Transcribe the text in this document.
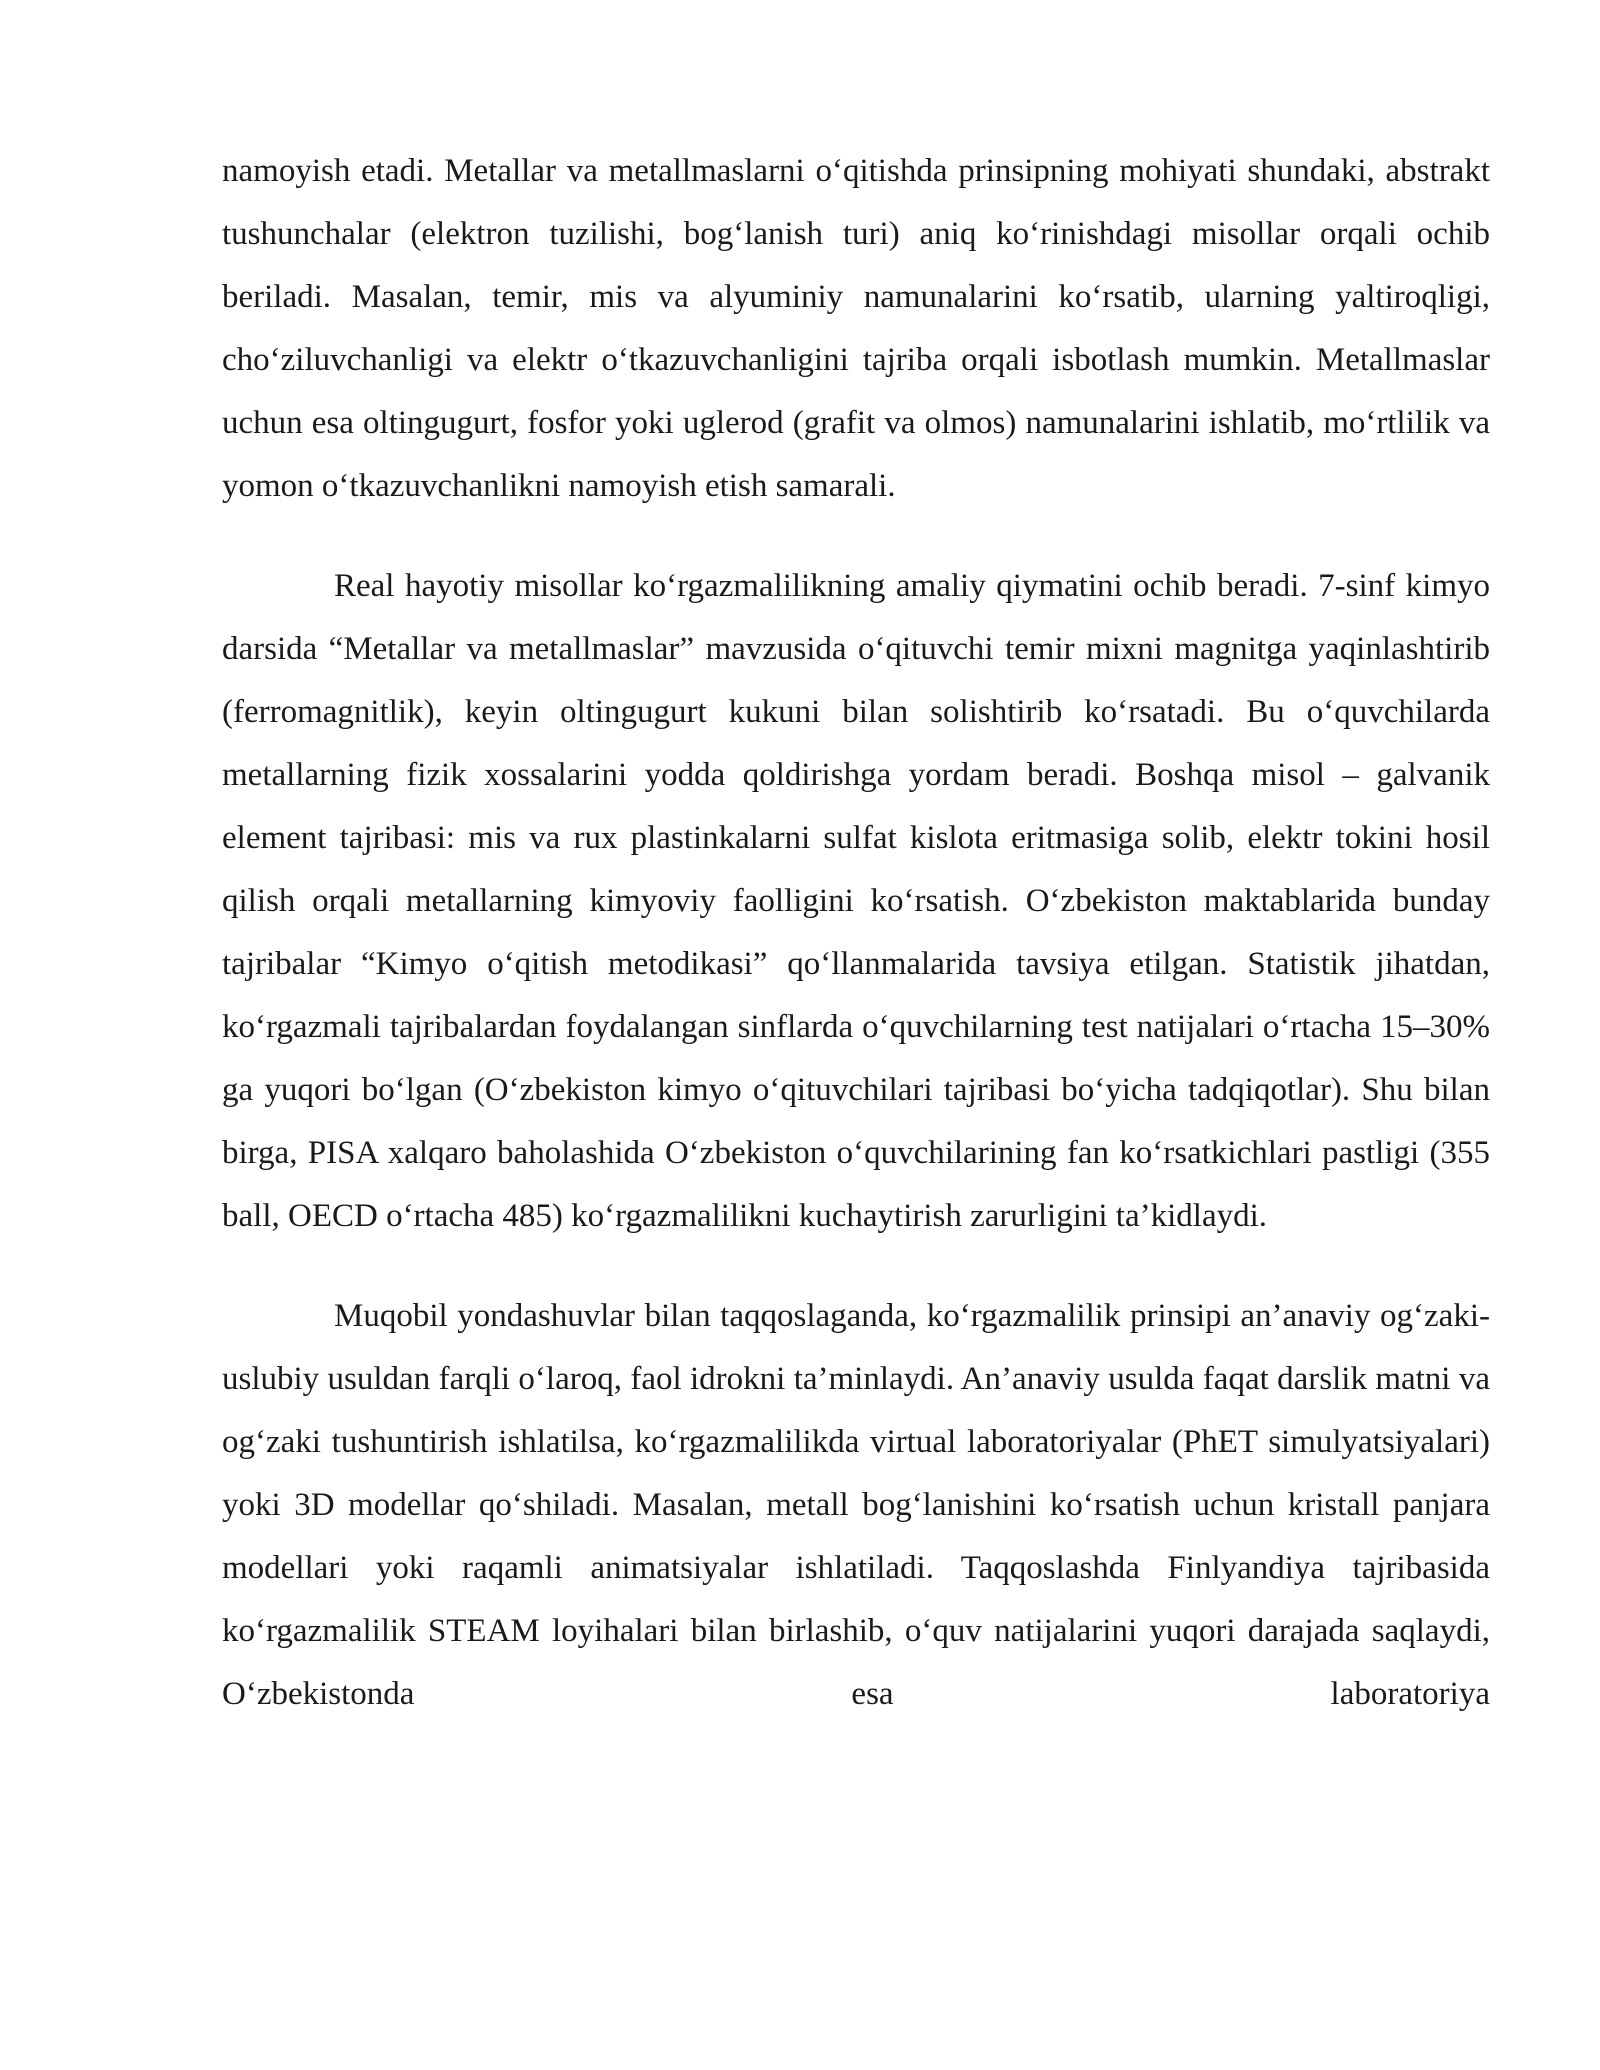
namoyish etadi. Metallar va metallmaslarni o‘qitishda prinsipning mohiyati shundaki, abstrakt tushunchalar (elektron tuzilishi, bog‘lanish turi) aniq ko‘rinishdagi misollar orqali ochib beriladi. Masalan, temir, mis va alyuminiy namunalarini ko‘rsatib, ularning yaltiroqligi, cho‘ziluvchanligi va elektr o‘tkazuvchanligini tajriba orqali isbotlash mumkin. Metallmaslar uchun esa oltingugurt, fosfor yoki uglerod (grafit va olmos) namunalarini ishlatib, mo‘rtlilik va yomon o‘tkazuvchanlikni namoyish etish samarali.

Real hayotiy misollar ko‘rgazmalilikning amaliy qiymatini ochib beradi. 7-sinf kimyo darsida “Metallar va metallmaslar” mavzusida o‘qituvchi temir mixni magnitga yaqinlashtirib (ferromagnitlik), keyin oltingugurt kukuni bilan solishtirib ko‘rsatadi. Bu o‘quvchilarda metallarning fizik xossalarini yodda qoldirishga yordam beradi. Boshqa misol – galvanik element tajribasi: mis va rux plastinkalarni sulfat kislota eritmasiga solib, elektr tokini hosil qilish orqali metallarning kimyoviy faolligini ko‘rsatish. O‘zbekiston maktablarida bunday tajribalar “Kimyo o‘qitish metodikasi” qo‘llanmalarida tavsiya etilgan. Statistik jihatdan, ko‘rgazmali tajribalardan foydalangan sinflarda o‘quvchilarning test natijalari o‘rtacha 15–30% ga yuqori bo‘lgan (O‘zbekiston kimyo o‘qituvchilari tajribasi bo‘yicha tadqiqotlar). Shu bilan birga, PISA xalqaro baholashida O‘zbekiston o‘quvchilarining fan ko‘rsatkichlari pastligi (355 ball, OECD o‘rtacha 485) ko‘rgazmalilikni kuchaytirish zarurligini ta’kidlaydi.

Muqobil yondashuvlar bilan taqqoslaganda, ko‘rgazmalilik prinsipi an’anaviy og‘zaki-uslubiy usuldan farqli o‘laroq, faol idrokni ta’minlaydi. An’anaviy usulda faqat darslik matni va og‘zaki tushuntirish ishlatilsa, ko‘rgazmalilikda virtual laboratoriyalar (PhET simulyatsiyalari) yoki 3D modellar qo‘shiladi. Masalan, metall bog‘lanishini ko‘rsatish uchun kristall panjara modellari yoki raqamli animatsiyalar ishlatiladi. Taqqoslashda Finlyandiya tajribasida ko‘rgazmalilik STEAM loyihalari bilan birlashib, o‘quv natijalarini yuqori darajada saqlaydi, O‘zbekistonda esa laboratoriya
